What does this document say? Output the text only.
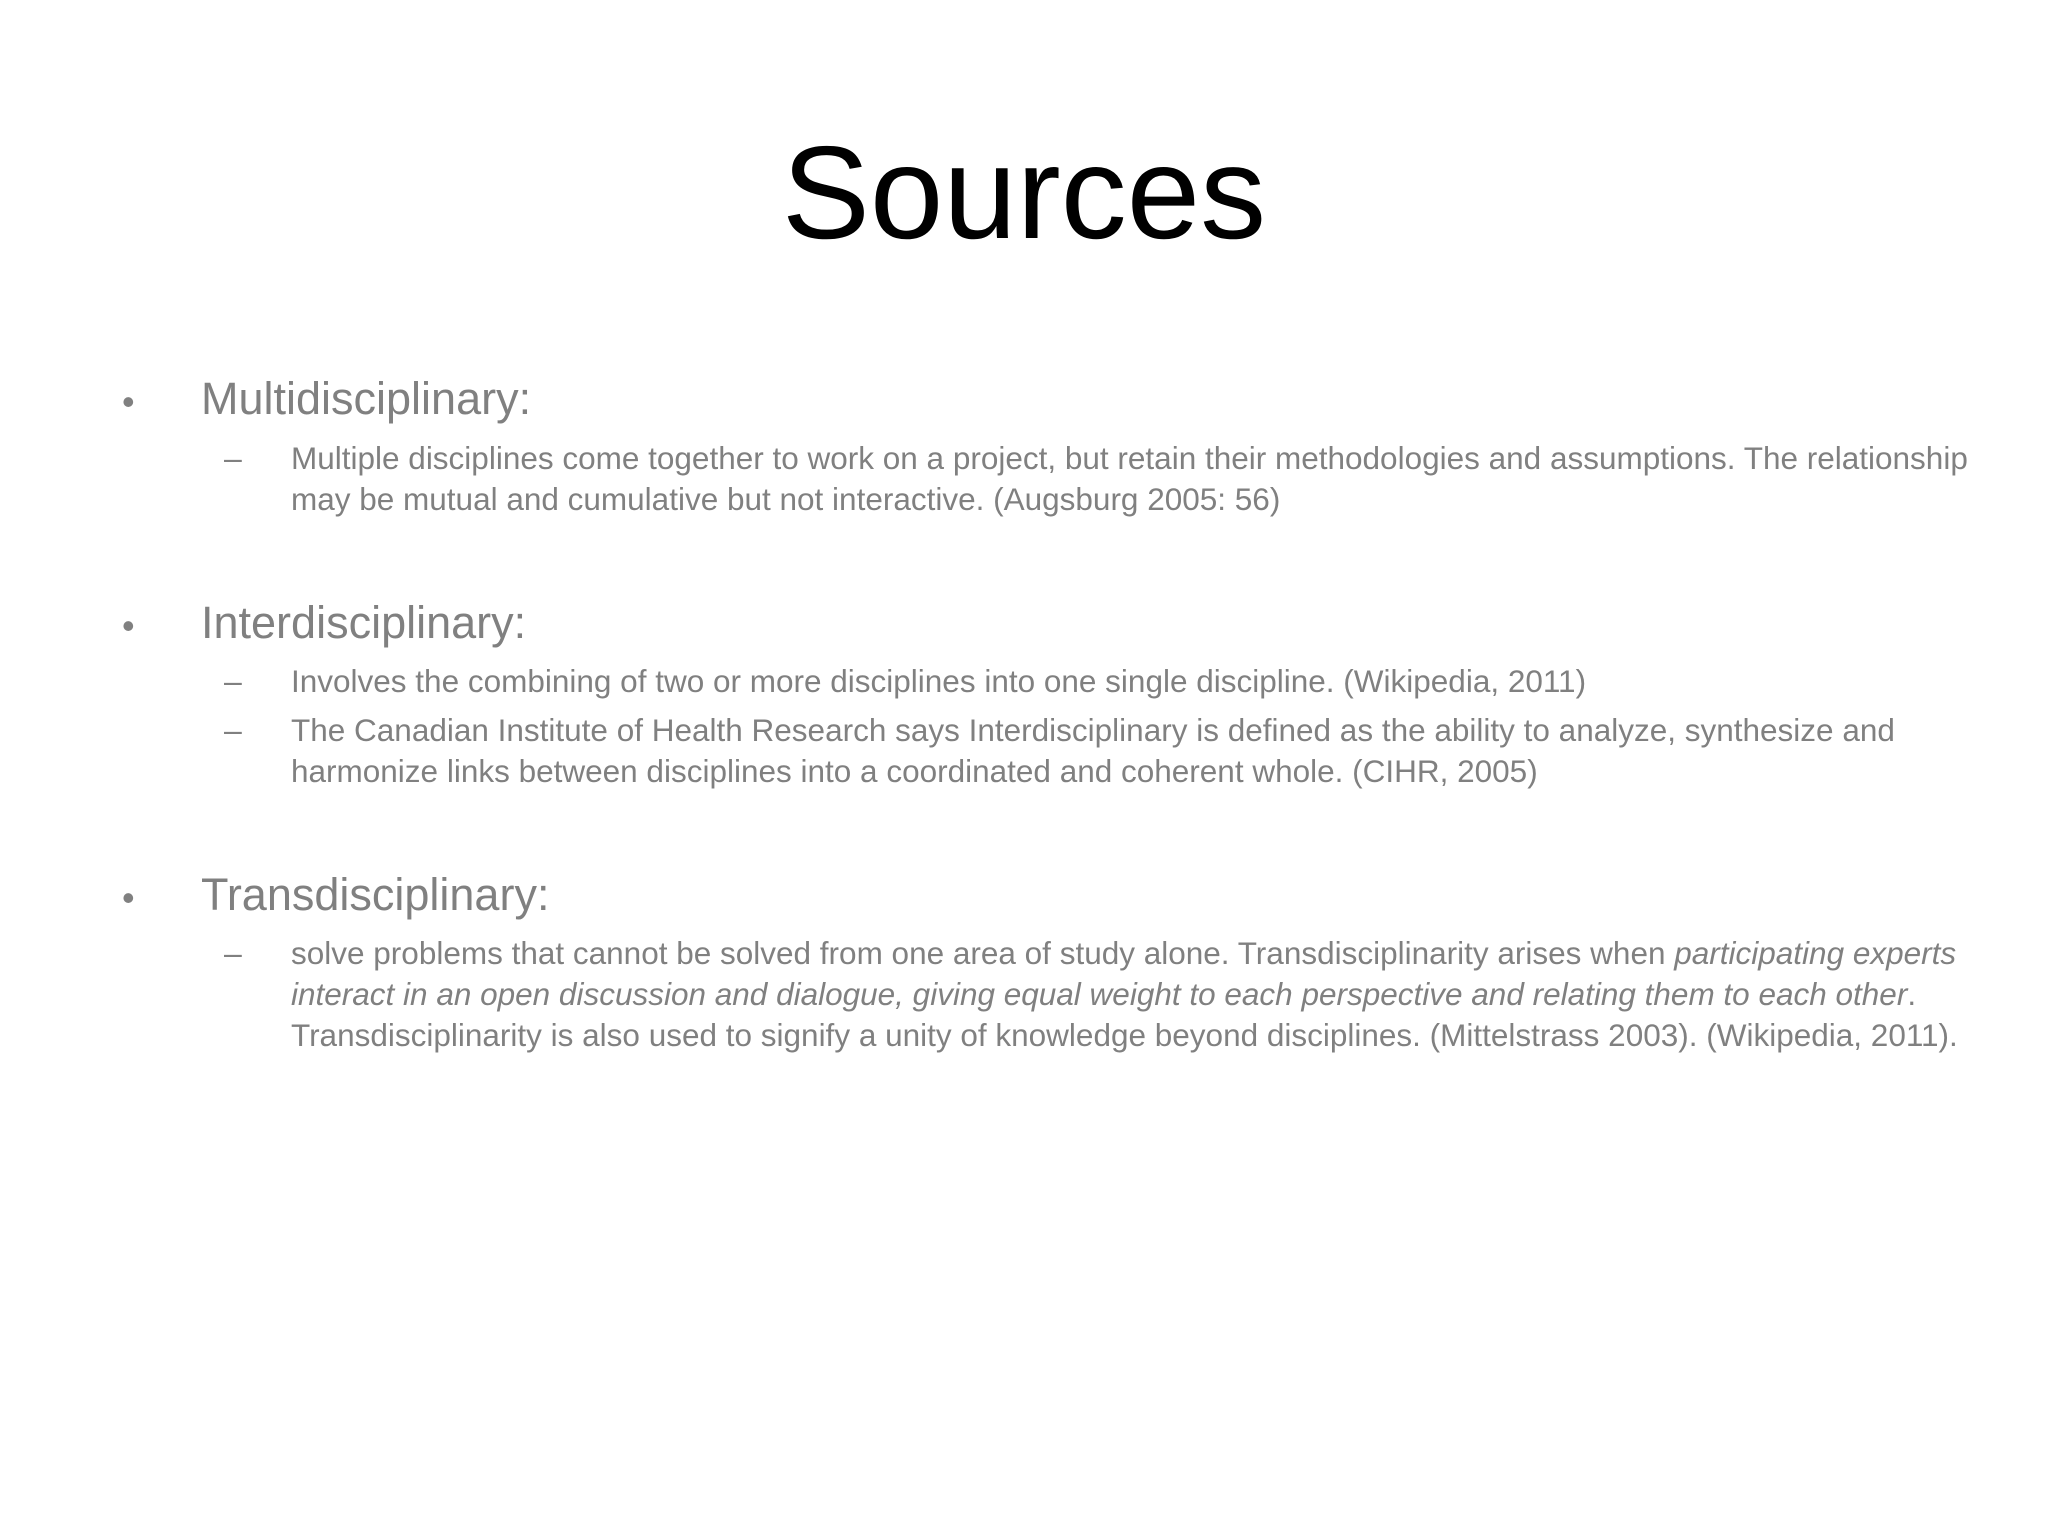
Sources
• Multidisciplinary:
– Multiple disciplines come together to work on a project, but retain their methodologies and assumptions. The relationship may be mutual and cumulative but not interactive. (Augsburg 2005: 56)
• Interdisciplinary:
– Involves the combining of two or more disciplines into one single discipline. (Wikipedia, 2011)
– The Canadian Institute of Health Research says Interdisciplinary is defined as the ability to analyze, synthesize and harmonize links between disciplines into a coordinated and coherent whole. (CIHR, 2005)
• Transdisciplinary:
– solve problems that cannot be solved from one area of study alone. Transdisciplinarity arises when participating experts interact in an open discussion and dialogue, giving equal weight to each perspective and relating them to each other. Transdisciplinarity is also used to signify a unity of knowledge beyond disciplines. (Mittelstrass 2003). (Wikipedia, 2011).
